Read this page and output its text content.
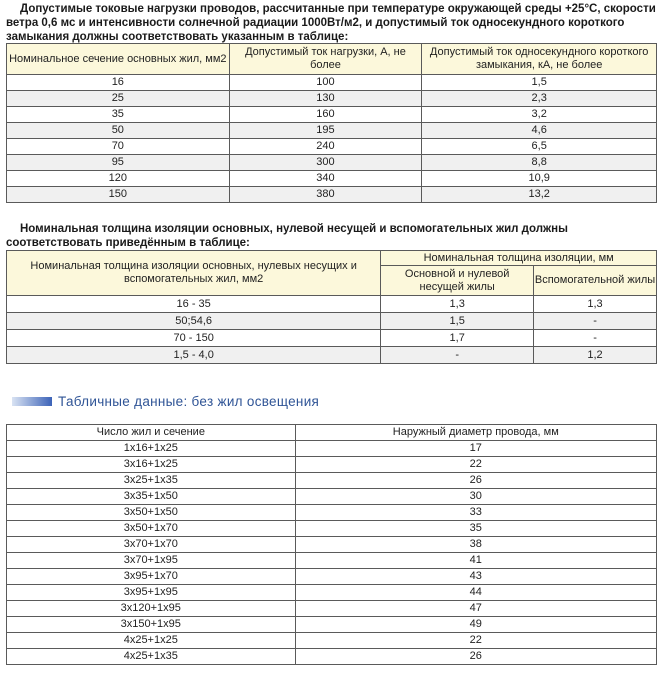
Допустимые токовые нагрузки проводов, рассчитанные при температуре окружающей среды +25°С, скорости ветра 0,6 мс и интенсивности солнечной радиации 1000Вт/м2, и допустимый ток односекундного короткого замыкания должны соответствовать указанным в таблице:
Номинальное сечение основных жил, мм2	Допустимый ток нагрузки, А, не более	Допустимый ток односекундного короткого замыкания, кА, не более
16	100	1,5
25	130	2,3
35	160	3,2
50	195	4,6
70	240	6,5
95	300	8,8
120	340	10,9
150	380	13,2
Номинальная толщина изоляции основных, нулевой несущей и вспомогательных жил должны соответствовать приведённым в таблице:
Номинальная толщина изоляции основных, нулевых несущих и вспомогательных жил, мм2	Номинальная толщина изоляции, мм	
	Основной и нулевой несущей жилы	Вспомогательной жилы
16 - 35	1,3	1,3
50;54,6	1,5	-
70 - 150	1,7	-
1,5 - 4,0	-	1,2
Табличные данные: без жил освещения
Число жил и сечение	Наружный диаметр провода, мм
1х16+1х25	17
3х16+1х25	22
3х25+1х35	26
3х35+1х50	30
3х50+1х50	33
3х50+1х70	35
3х70+1х70	38
3х70+1х95	41
3х95+1х70	43
3х95+1х95	44
3х120+1х95	47
3х150+1х95	49
4х25+1х25	22
4х25+1х35	26
